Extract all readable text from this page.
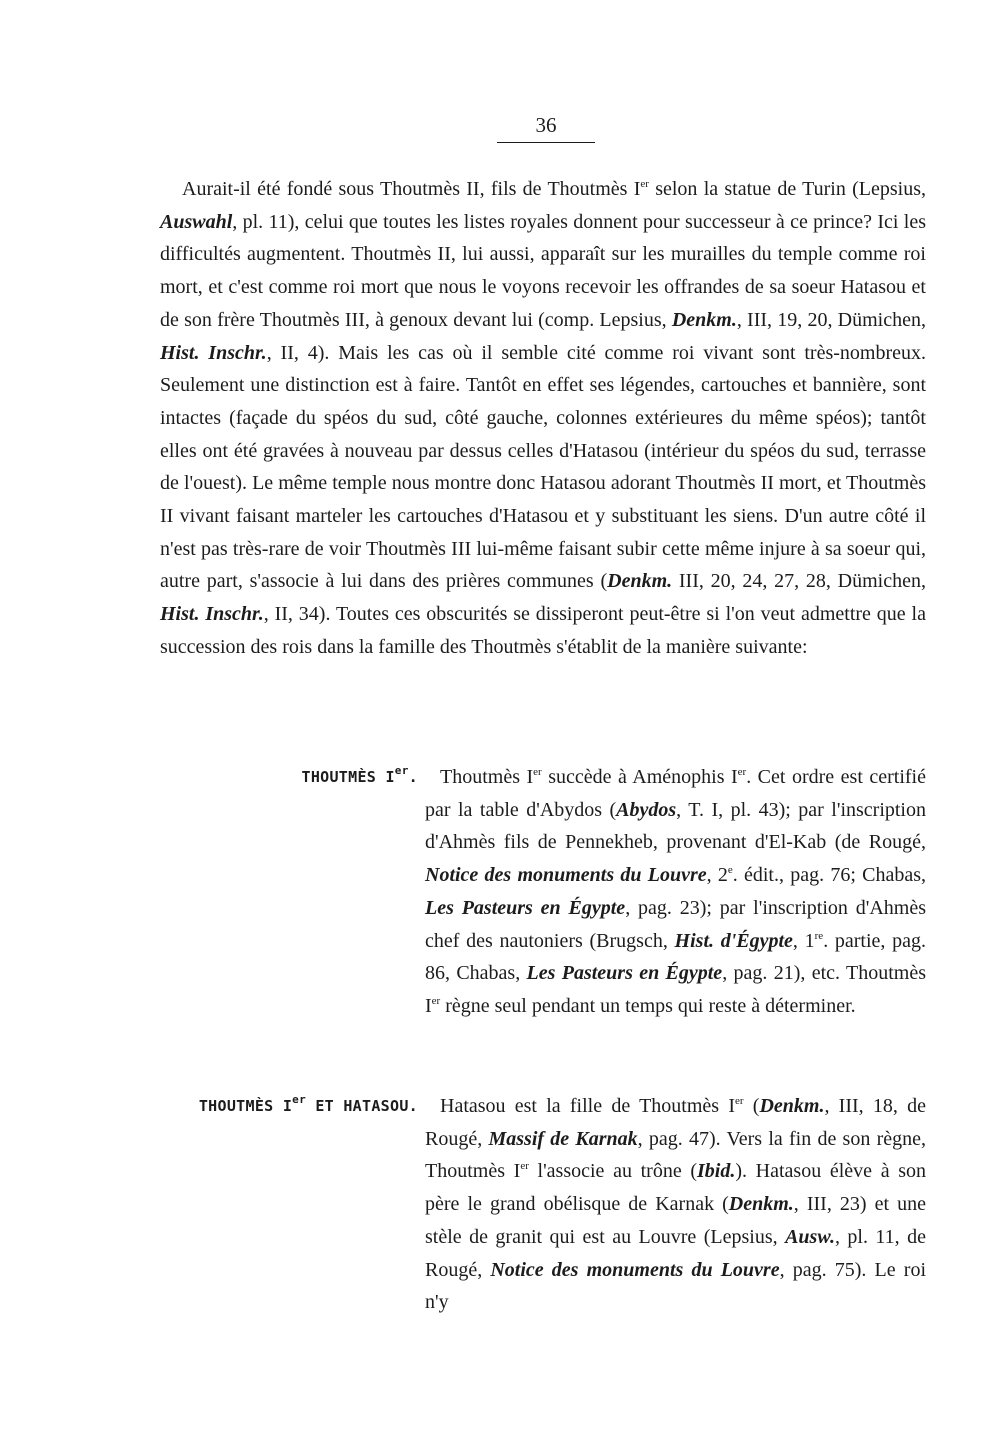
36

Aurait-il été fondé sous Thoutmès II, fils de Thoutmès Ier selon la statue de Turin (Lepsius, Auswahl, pl. 11), celui que toutes les listes royales donnent pour successeur à ce prince? Ici les difficultés augmentent. Thoutmès II, lui aussi, apparaît sur les murailles du temple comme roi mort, et c'est comme roi mort que nous le voyons recevoir les offrandes de sa soeur Hatasou et de son frère Thoutmès III, à genoux devant lui (comp. Lepsius, Denkm., III, 19, 20, Dümichen, Hist. Inschr., II, 4). Mais les cas où il semble cité comme roi vivant sont très-nombreux. Seulement une distinction est à faire. Tantôt en effet ses légendes, cartouches et bannière, sont intactes (façade du spéos du sud, côté gauche, colonnes extérieures du même spéos); tantôt elles ont été gravées à nouveau par dessus celles d'Hatasou (intérieur du spéos du sud, terrasse de l'ouest). Le même temple nous montre donc Hatasou adorant Thoutmès II mort, et Thoutmès II vivant faisant marteler les cartouches d'Hatasou et y substituant les siens. D'un autre côté il n'est pas très-rare de voir Thoutmès III lui-même faisant subir cette même injure à sa soeur qui, autre part, s'associe à lui dans des prières communes (Denkm. III, 20, 24, 27, 28, Dümichen, Hist. Inschr., II, 34). Toutes ces obscurités se dissiperont peut-être si l'on veut admettre que la succession des rois dans la famille des Thoutmès s'établit de la manière suivante:

THOUTMÈS Ier.	Thoutmès Ier succède à Aménophis Ier. Cet ordre est certifié par la table d'Abydos (Abydos, T. I, pl. 43); par l'inscription d'Ahmès fils de Pennekheb, provenant d'El-Kab (de Rougé, Notice des monuments du Louvre, 2e. édit., pag. 76; Chabas, Les Pasteurs en Égypte, pag. 23); par l'inscription d'Ahmès chef des nautoniers (Brugsch, Hist. d'Égypte, 1re. partie, pag. 86, Chabas, Les Pasteurs en Égypte, pag. 21), etc. Thoutmès Ier règne seul pendant un temps qui reste à déterminer.

THOUTMÈS Ier ET HATASOU.	Hatasou est la fille de Thoutmès Ier (Denkm., III, 18, de Rougé, Massif de Karnak, pag. 47). Vers la fin de son règne, Thoutmès Ier l'associe au trône (Ibid.). Hatasou élève à son père le grand obélisque de Karnak (Denkm., III, 23) et une stèle de granit qui est au Louvre (Lepsius, Ausw., pl. 11, de Rougé, Notice des monuments du Louvre, pag. 75). Le roi n'y
